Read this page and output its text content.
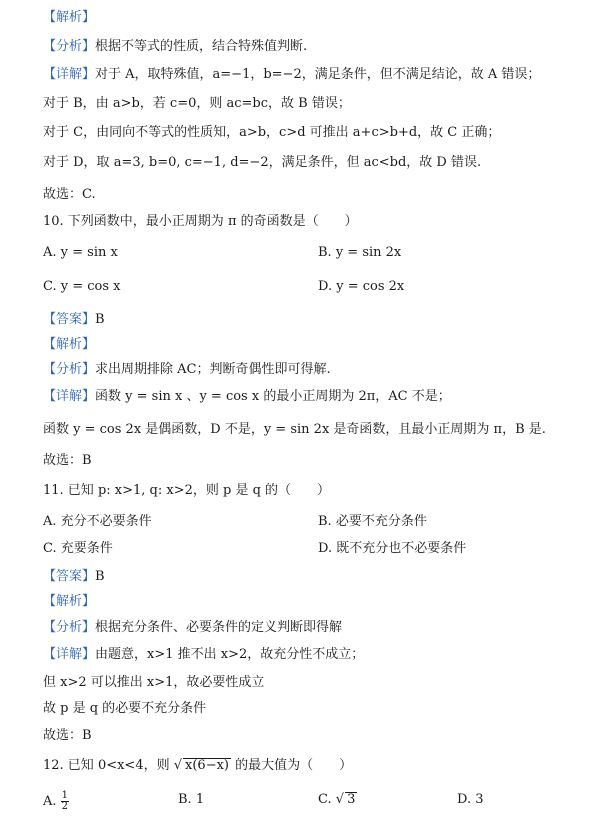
【解析】
【分析】根据不等式的性质，结合特殊值判断.
【详解】对于 A，取特殊值，a=−1，b=−2，满足条件，但不满足结论，故 A 错误；
对于 B，由 a>b，若 c=0，则 ac=bc，故 B 错误；
对于 C，由同向不等式的性质知，a>b，c>d 可推出 a+c>b+d，故 C 正确；
对于 D，取 a=3, b=0, c=−1, d=−2，满足条件，但 ac<bd，故 D 错误.
故选：C.
10. 下列函数中，最小正周期为 π 的奇函数是（　　）
A. y = sin x	B. y = sin 2x
C. y = cos x	D. y = cos 2x
【答案】B
【解析】
【分析】求出周期排除 AC；判断奇偶性即可得解.
【详解】函数 y = sin x 、y = cos x 的最小正周期为 2π，AC 不是；
函数 y = cos 2x 是偶函数，D 不是，y = sin 2x 是奇函数，且最小正周期为 π，B 是.
故选：B
11. 已知 p: x>1, q: x>2，则 p 是 q 的（　　）
A. 充分不必要条件	B. 必要不充分条件
C. 充要条件	D. 既不充分也不必要条件
【答案】B
【解析】
【分析】根据充分条件、必要条件的定义判断即得解
【详解】由题意，x>1 推不出 x>2，故充分性不成立；
但 x>2 可以推出 x>1，故必要性成立
故 p 是 q 的必要不充分条件
故选：B
12. 已知 0<x<4，则 √ x(6−x) 的最大值为（　　）
A. $\frac{1}{2}$	B. 1	C. √ 3	D. 3
